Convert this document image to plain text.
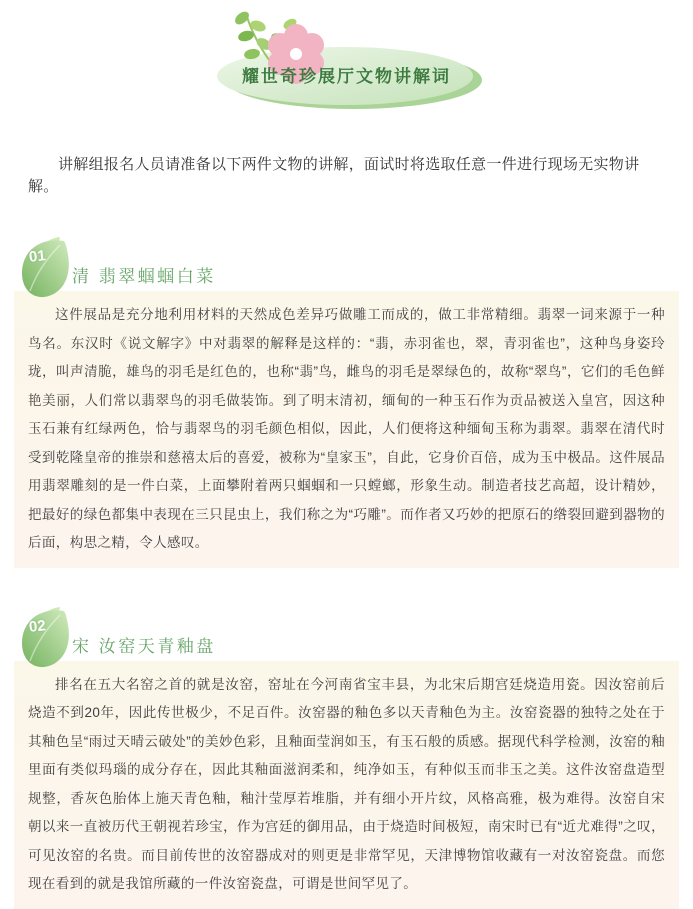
耀世奇珍展厅文物讲解词

讲解组报名人员请准备以下两件文物的讲解，面试时将选取任意一件进行现场无实物讲解。

01
清 翡翠蝈蝈白菜

这件展品是充分地利用材料的天然成色差异巧做雕工而成的，做工非常精细。翡翠一词来源于一种鸟名。东汉时《说文解字》中对翡翠的解释是这样的：“翡，赤羽雀也，翠，青羽雀也”，这种鸟身姿玲珑，叫声清脆，雄鸟的羽毛是红色的，也称“翡”鸟，雌鸟的羽毛是翠绿色的，故称“翠鸟”，它们的毛色鲜艳美丽，人们常以翡翠鸟的羽毛做装饰。到了明末清初，缅甸的一种玉石作为贡品被送入皇宫，因这种玉石兼有红绿两色，恰与翡翠鸟的羽毛颜色相似，因此，人们便将这种缅甸玉称为翡翠。翡翠在清代时受到乾隆皇帝的推崇和慈禧太后的喜爱，被称为“皇家玉”，自此，它身价百倍，成为玉中极品。这件展品用翡翠雕刻的是一件白菜，上面攀附着两只蝈蝈和一只螳螂，形象生动。制造者技艺高超，设计精妙，把最好的绿色都集中表现在三只昆虫上，我们称之为“巧雕”。而作者又巧妙的把原石的绺裂回避到器物的后面，构思之精，令人感叹。

02
宋 汝窑天青釉盘

排名在五大名窑之首的就是汝窑，窑址在今河南省宝丰县，为北宋后期宫廷烧造用瓷。因汝窑前后烧造不到20年，因此传世极少，不足百件。汝窑器的釉色多以天青釉色为主。汝窑瓷器的独特之处在于其釉色呈“雨过天晴云破处”的美妙色彩，且釉面莹润如玉，有玉石般的质感。据现代科学检测，汝窑的釉里面有类似玛瑙的成分存在，因此其釉面滋润柔和，纯净如玉，有种似玉而非玉之美。这件汝窑盘造型规整，香灰色胎体上施天青色釉，釉汁莹厚若堆脂，并有细小开片纹，风格高雅，极为难得。汝窑自宋朝以来一直被历代王朝视若珍宝，作为宫廷的御用品，由于烧造时间极短，南宋时已有“近尤难得”之叹，可见汝窑的名贵。而目前传世的汝窑器成对的则更是非常罕见，天津博物馆收藏有一对汝窑瓷盘。而您现在看到的就是我馆所藏的一件汝窑瓷盘，可谓是世间罕见了。
